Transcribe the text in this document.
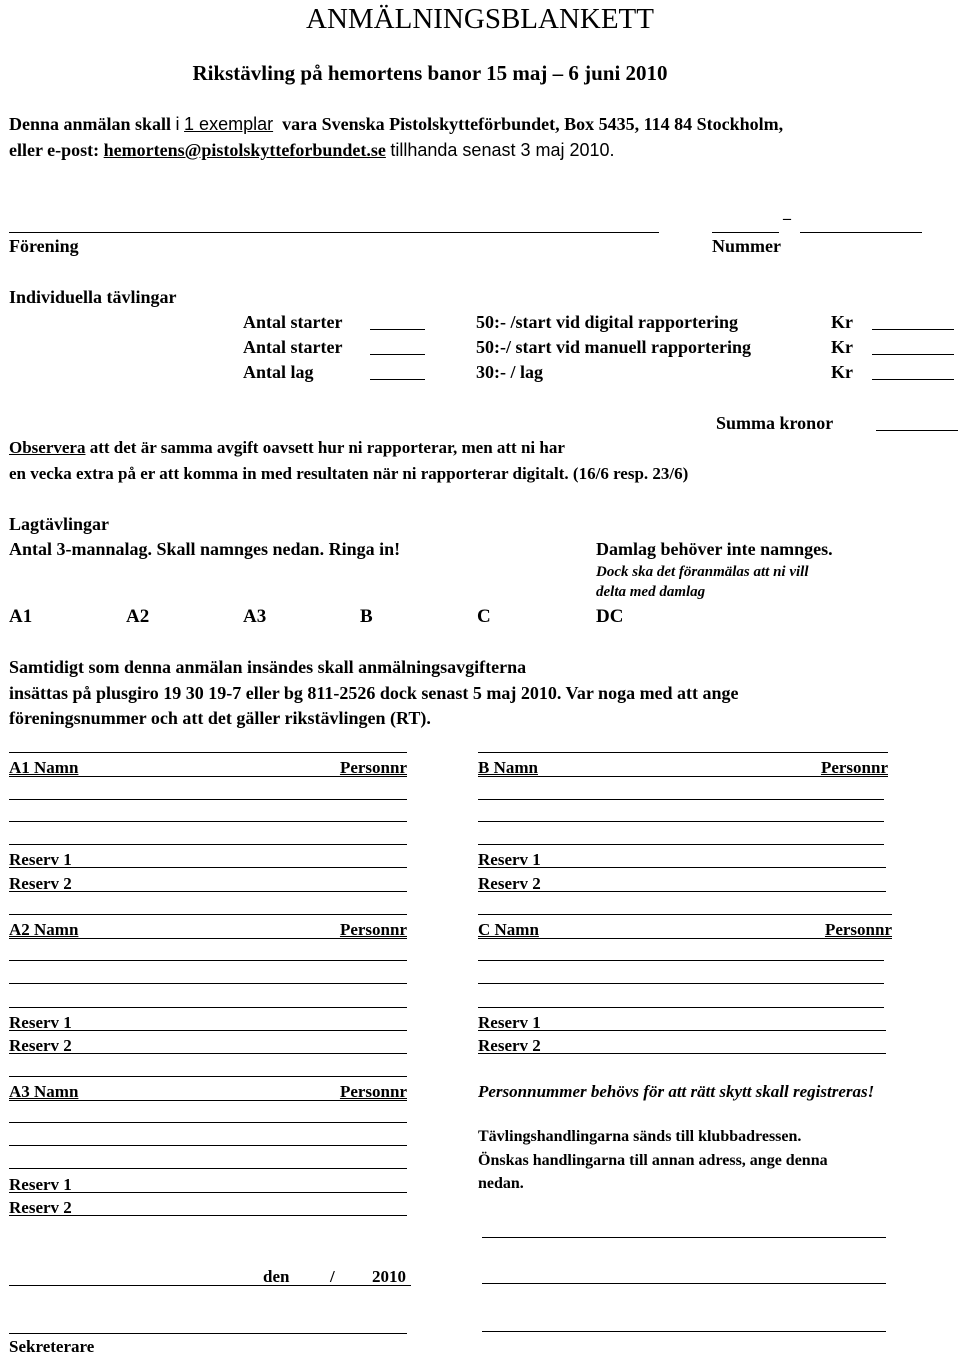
ANMÄLNINGSBLANKETT
Rikstävling på hemortens banor 15 maj – 6 juni 2010
Denna anmälan skall i 1 exemplar vara Svenska Pistolskytteförbundet, Box 5435, 114 84 Stockholm,
eller e-post: hemortens@pistolskytteforbundet.se tillhanda senast 3 maj 2010.
Förening
–
Nummer
Individuella tävlingar
Antal starter	50:- /start vid digital rapportering	Kr
Antal starter	50:-/ start vid manuell rapportering	Kr
Antal lag	30:- / lag	Kr
Summa kronor
Observera att det är samma avgift oavsett hur ni rapporterar, men att ni har
en vecka extra på er att komma in med resultaten när ni rapporterar digitalt. (16/6 resp. 23/6)
Lagtävlingar
Antal 3-mannalag. Skall namnges nedan. Ringa in!	Damlag behöver inte namnges.
Dock ska det föranmälas att ni vill
delta med damlag
A1	A2	A3	B	C	DC
Samtidigt som denna anmälan insändes skall anmälningsavgifterna
insättas på plusgiro 19 30 19-7 eller bg 811-2526 dock senast 5 maj 2010. Var noga med att ange
föreningsnummer och att det gäller rikstävlingen (RT).
A1 Namn	Personnr
Reserv 1
Reserv 2
B Namn	Personnr
Reserv 1
Reserv 2
A2 Namn	Personnr
Reserv 1
Reserv 2
C Namn	Personnr
Reserv 1
Reserv 2
A3 Namn	Personnr
Reserv 1
Reserv 2
Personnummer behövs för att rätt skytt skall registreras!
Tävlingshandlingarna sänds till klubbadressen.
Önskas handlingarna till annan adress, ange denna
nedan.
den / 2010
Sekreterare
